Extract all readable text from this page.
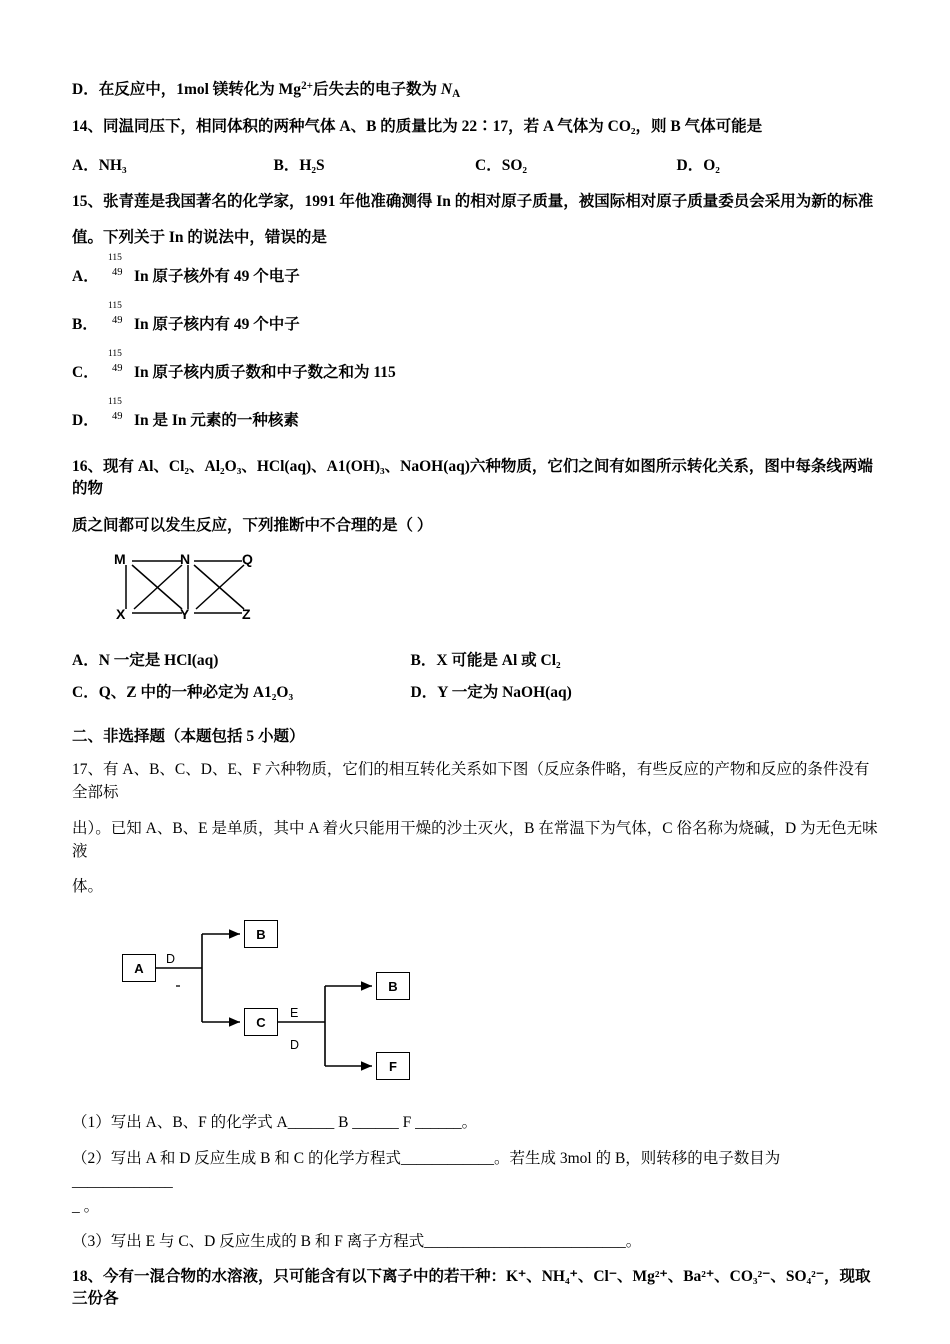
D．在反应中，1mol 镁转化为 $Mg^{2+}$后失去的电子数为 $N_A$

14、同温同压下，相同体积的两种气体 A、B 的质量比为 22∶17，若 A 气体为 CO₂，则 B 气体可能是

A．NH₃	B．H₂S	C．SO₂	D．O₂

15、张青莲是我国著名的化学家，1991 年他准确测得 In 的相对原子质量，被国际相对原子质量委员会采用为新的标准

值。下列关于 In 的说法中，错误的是

A．
115
49 In 原子核外有 49 个电子
B．
115
49 In 原子核内有 49 个中子
C．
115
49 In 原子核内质子数和中子数之和为 115
D．
115
49 In 是 In 元素的一种核素

16、现有 Al、Cl₂、Al₂O₃、HCl(aq)、A1(OH)₃、NaOH(aq)六种物质，它们之间有如图所示转化关系，图中每条线两端的物

质之间都可以发生反应，下列推断中不合理的是（ ）

M	N	Q
X	Y	Z
A．N 一定是 HCl(aq)	B．X 可能是 Al 或 Cl₂
C．Q、Z 中的一种必定为 A1₂O₃	D．Y 一定为 NaOH(aq)

二、非选择题（本题包括 5 小题）

17、有 A、B、C、D、E、F 六种物质，它们的相互转化关系如下图（反应条件略，有些反应的产物和反应的条件没有全部标

出）。已知 A、B、E 是单质，其中 A 着火只能用干燥的沙土灭火，B 在常温下为气体，C 俗名称为烧碱，D 为无色无味液

体。

A
B
C
B
F
D
E
D

（1）写出 A、B、F 的化学式 A______ B ______ F ______。

（2）写出 A 和 D 反应生成 B 和 C 的化学方程式____________。若生成 3mol 的 B，则转移的电子数目为_____________

_ 。

（3）写出 E 与 C、D 反应生成的 B 和 F 离子方程式__________________________。

18、今有一混合物的水溶液，只可能含有以下离子中的若干种：K⁺、NH₄⁺、Cl⁻、Mg²⁺、Ba²⁺、CO₃²⁻、SO₄²⁻，现取三份各
